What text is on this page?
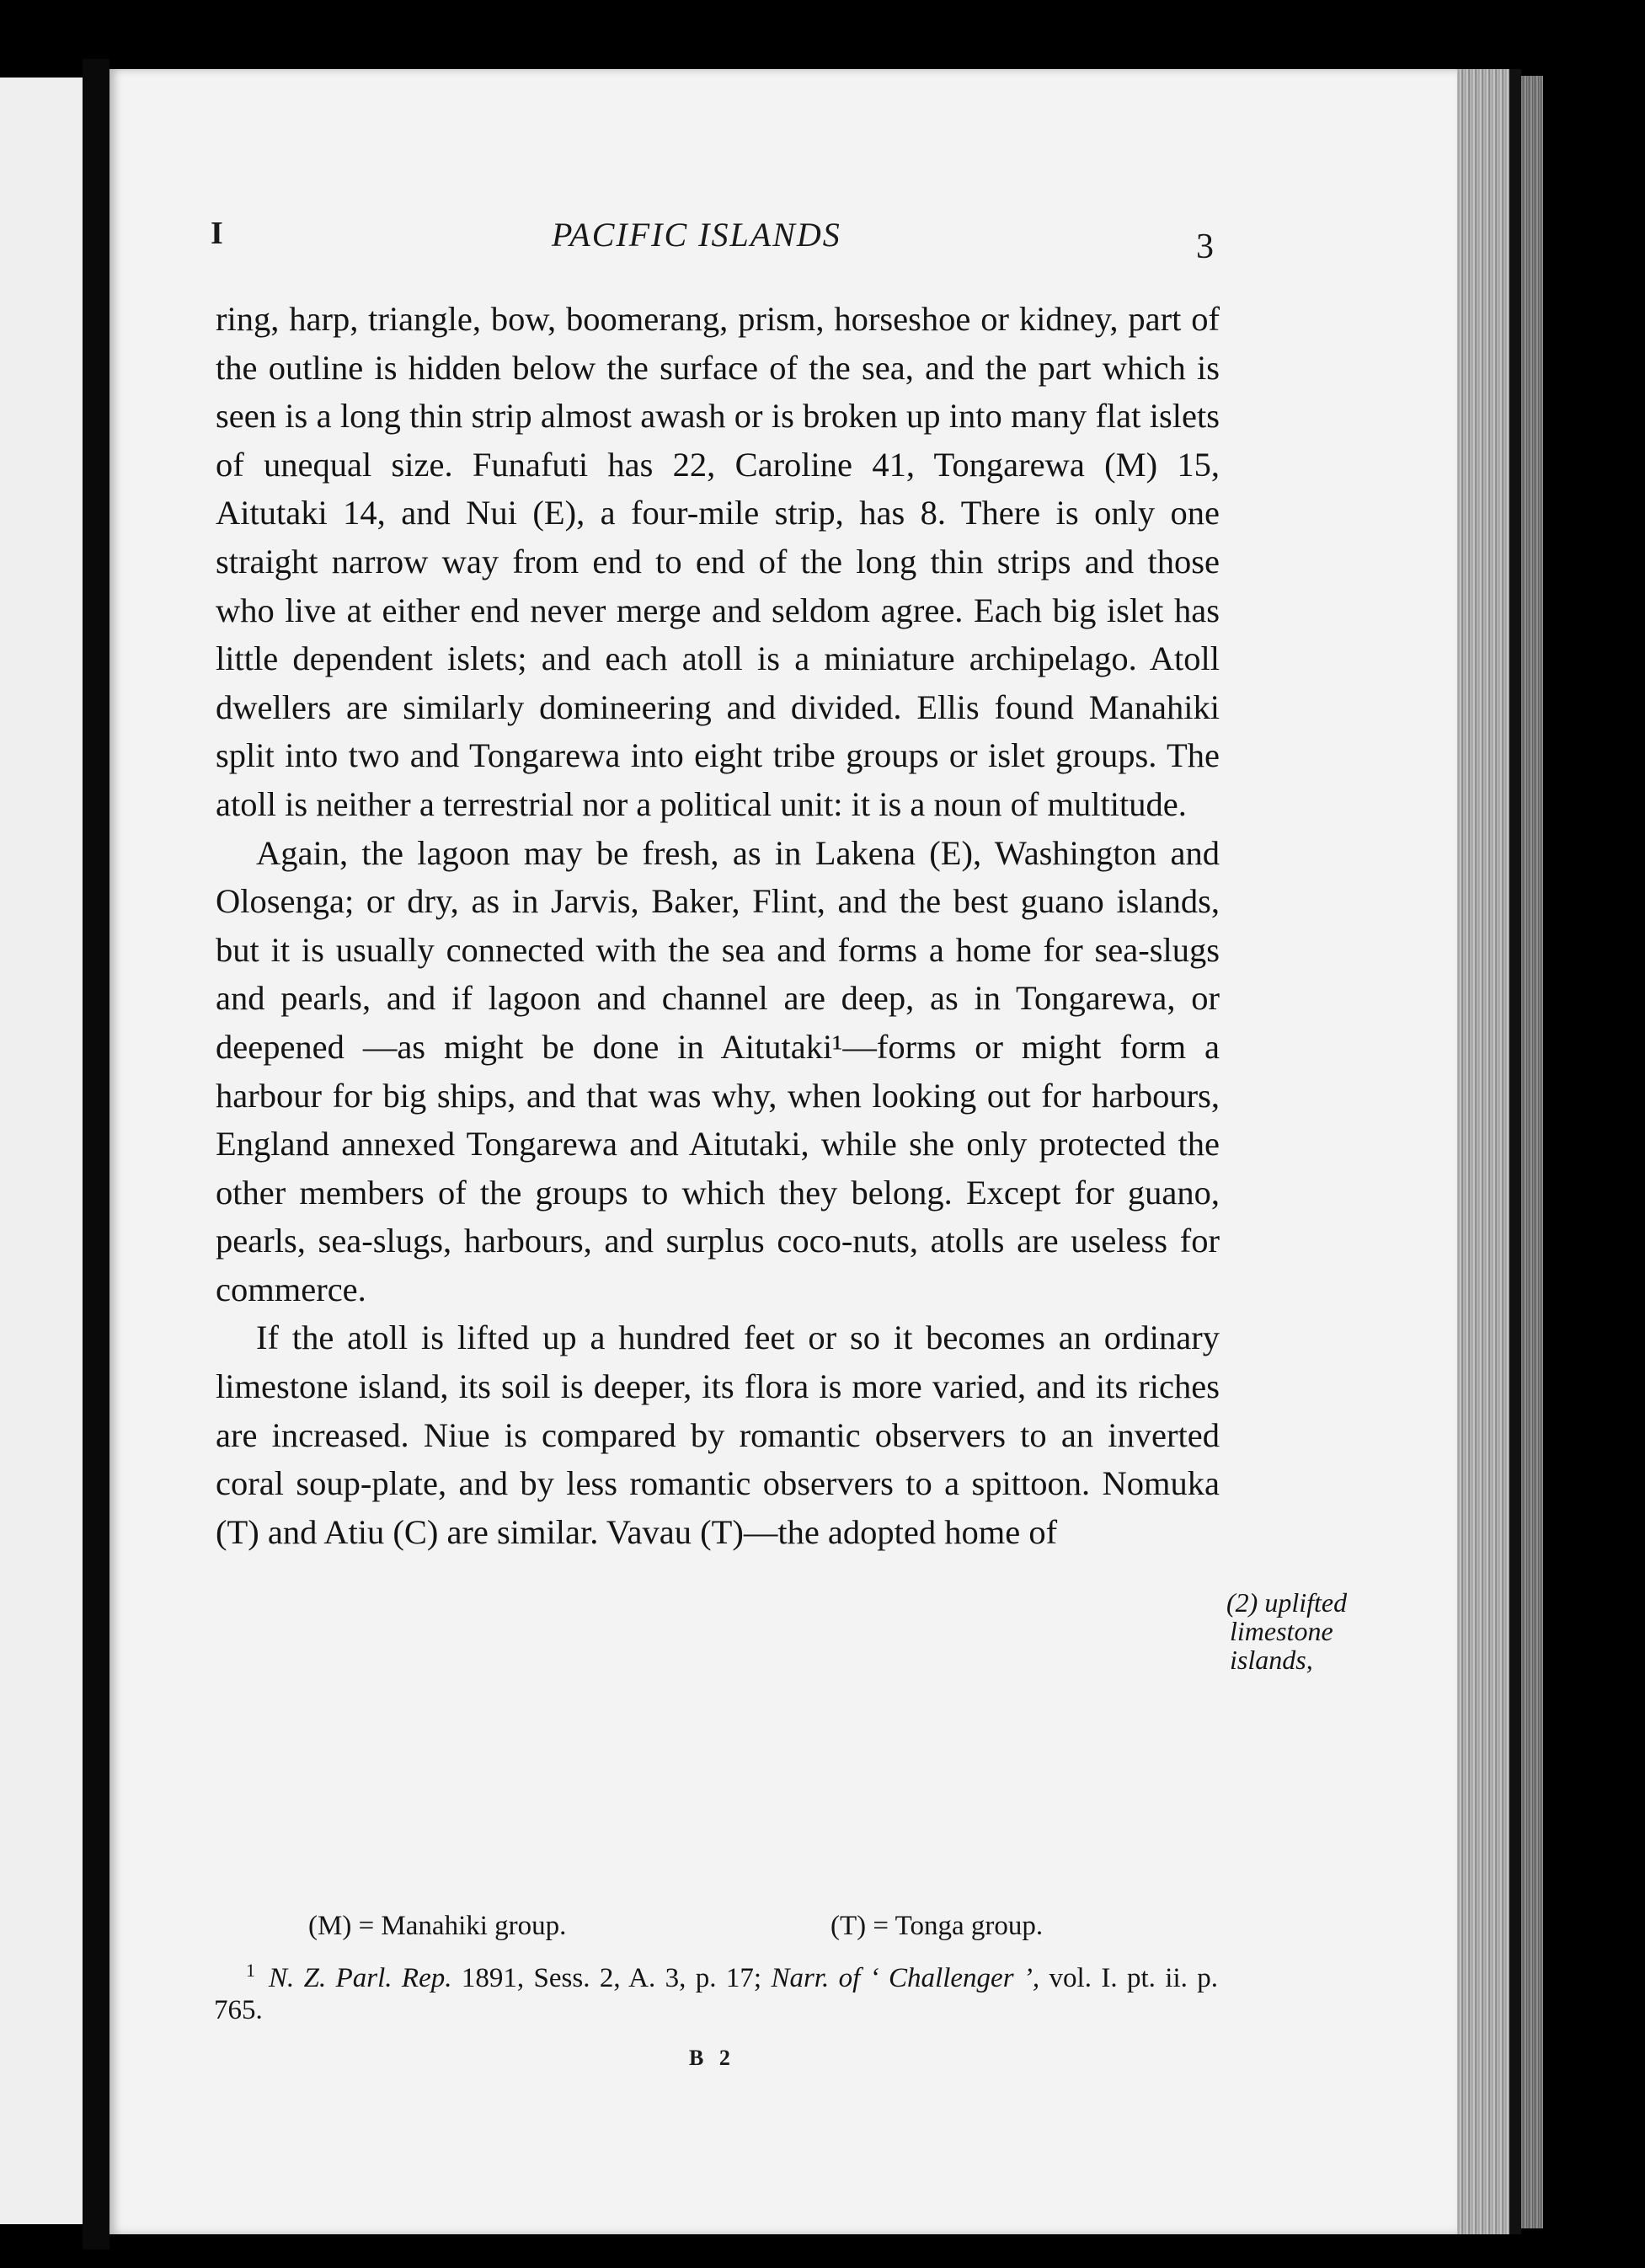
I	PACIFIC ISLANDS	3

ring, harp, triangle, bow, boomerang, prism, horseshoe or kidney, part of the outline is hidden below the surface of the sea, and the part which is seen is a long thin strip almost awash or is broken up into many flat islets of unequal size. Funafuti has 22, Caroline 41, Tongarewa (M) 15, Aitutaki 14, and Nui (E), a four-mile strip, has 8. There is only one straight narrow way from end to end of the long thin strips and those who live at either end never merge and seldom agree. Each big islet has little dependent islets; and each atoll is a miniature archipelago. Atoll dwellers are similarly domineering and divided. Ellis found Manahiki split into two and Tongarewa into eight tribe groups or islet groups. The atoll is neither a terrestrial nor a political unit: it is a noun of multitude.

Again, the lagoon may be fresh, as in Lakena (E), Washington and Olosenga; or dry, as in Jarvis, Baker, Flint, and the best guano islands, but it is usually connected with the sea and forms a home for sea-slugs and pearls, and if lagoon and channel are deep, as in Tongarewa, or deepened —as might be done in Aitutaki¹—forms or might form a harbour for big ships, and that was why, when looking out for harbours, England annexed Tongarewa and Aitutaki, while she only protected the other members of the groups to which they belong. Except for guano, pearls, sea-slugs, harbours, and surplus coco-nuts, atolls are useless for commerce.

If the atoll is lifted up a hundred feet or so it becomes an ordinary limestone island, its soil is deeper, its flora is more varied, and its riches are increased. Niue is compared by romantic observers to an inverted coral soup-plate, and by less romantic observers to a spittoon. Nomuka (T) and Atiu (C) are similar. Vavau (T)—the adopted home of

(2) uplifted
limestone
islands,
(M) = Manahiki group.	(T) = Tonga group.
$^1$ N. Z. Parl. Rep. 1891, Sess. 2, A. 3, p. 17; Narr. of ‘ Challenger ’, vol. I. pt. ii. p. 765.
B 2
